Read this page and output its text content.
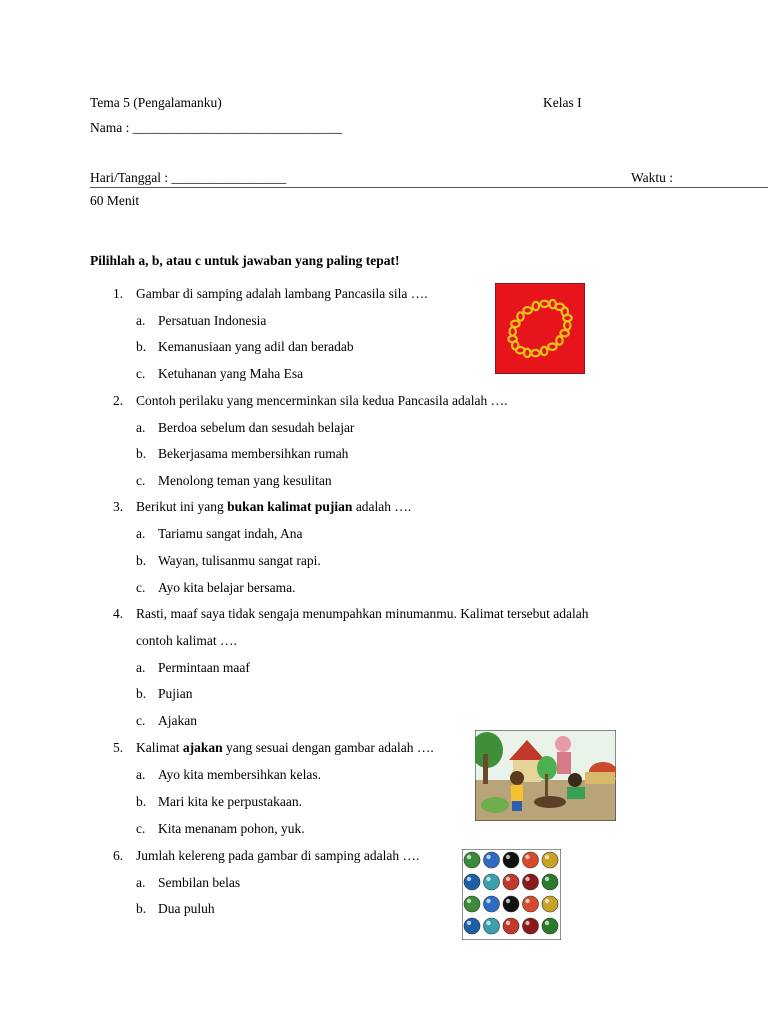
Tema 5 (Pengalamanku)	Kelas I
Nama : _______________________________
Hari/Tanggal : _________________	Waktu :
60 Menit
Pilihlah a, b, atau c untuk jawaban yang paling tepat!
1. Gambar di samping adalah lambang Pancasila sila ….
a. Persatuan Indonesia
b. Kemanusiaan yang adil dan beradab
c. Ketuhanan yang Maha Esa
2. Contoh perilaku yang mencerminkan sila kedua Pancasila adalah ….
a. Berdoa sebelum dan sesudah belajar
b. Bekerjasama membersihkan rumah
c. Menolong teman yang kesulitan
3. Berikut ini yang bukan kalimat pujian adalah ….
a. Tariamu sangat indah, Ana
b. Wayan, tulisanmu sangat rapi.
c. Ayo kita belajar bersama.
4. Rasti, maaf saya tidak sengaja menumpahkan minumanmu. Kalimat tersebut adalah
contoh kalimat ….
a. Permintaan maaf
b. Pujian
c. Ajakan
5. Kalimat ajakan yang sesuai dengan gambar adalah ….
a. Ayo kita membersihkan kelas.
b. Mari kita ke perpustakaan.
c. Kita menanam pohon, yuk.
6. Jumlah kelereng pada gambar di samping adalah ….
a. Sembilan belas
b. Dua puluh
